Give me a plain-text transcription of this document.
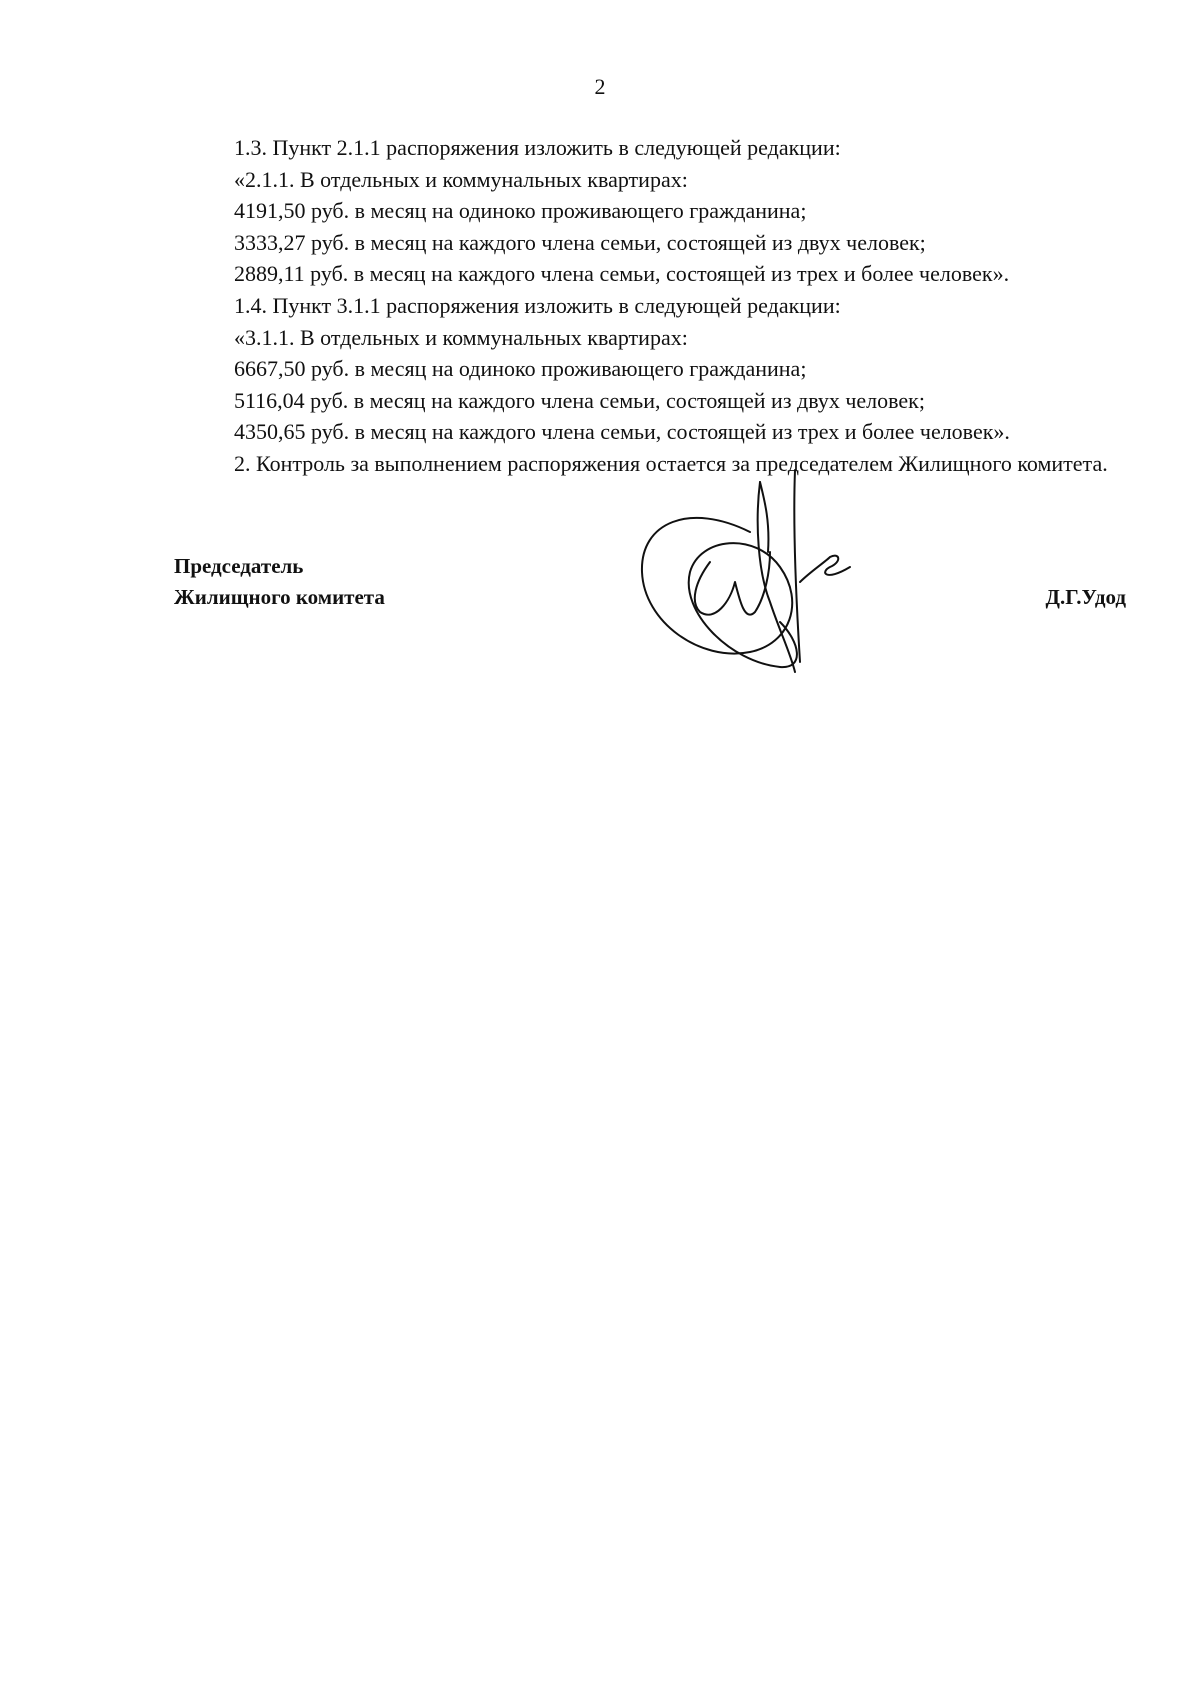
2

1.3. Пункт 2.1.1 распоряжения изложить в следующей редакции:

«2.1.1. В отдельных и коммунальных квартирах:

4191,50 руб. в месяц на одиноко проживающего гражданина;

3333,27 руб. в месяц на каждого члена семьи, состоящей из двух человек;

2889,11 руб. в месяц на каждого члена семьи, состоящей из трех и более человек».

1.4. Пункт 3.1.1 распоряжения изложить в следующей редакции:

«3.1.1. В отдельных и коммунальных квартирах:

6667,50 руб. в месяц на одиноко проживающего гражданина;

5116,04 руб. в месяц на каждого члена семьи, состоящей из двух человек;

4350,65 руб. в месяц на каждого члена семьи, состоящей из трех и более человек».

2. Контроль за выполнением распоряжения остается за председателем Жилищного комитета.

Председатель
Жилищного комитета	Д.Г.Удод
